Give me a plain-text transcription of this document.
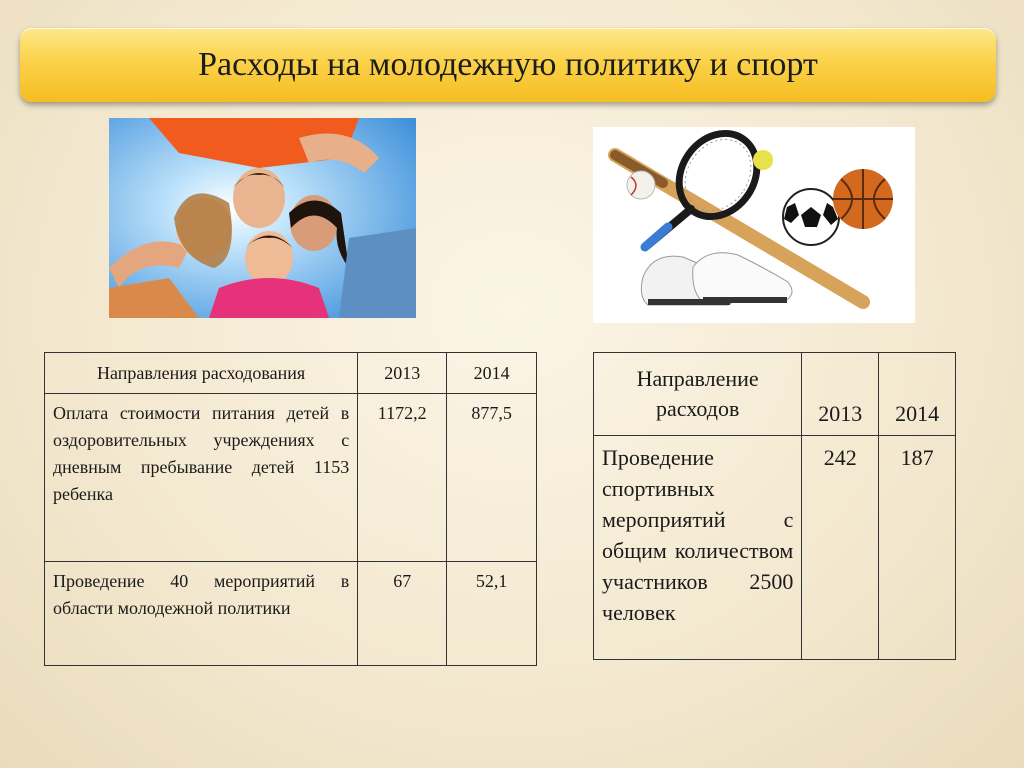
Расходы на молодежную политику и спорт
Направления расходования	2013	2014
Оплата стоимости питания детей в оздоровительных учреждениях с дневным пребывание детей 1153 ребенка	1172,2	877,5
Проведение 40 мероприятий в области молодежной политики	67	52,1
Направление расходов	2013	2014
Проведение спортивных мероприятий с общим количеством участников 2500 человек	242	187
